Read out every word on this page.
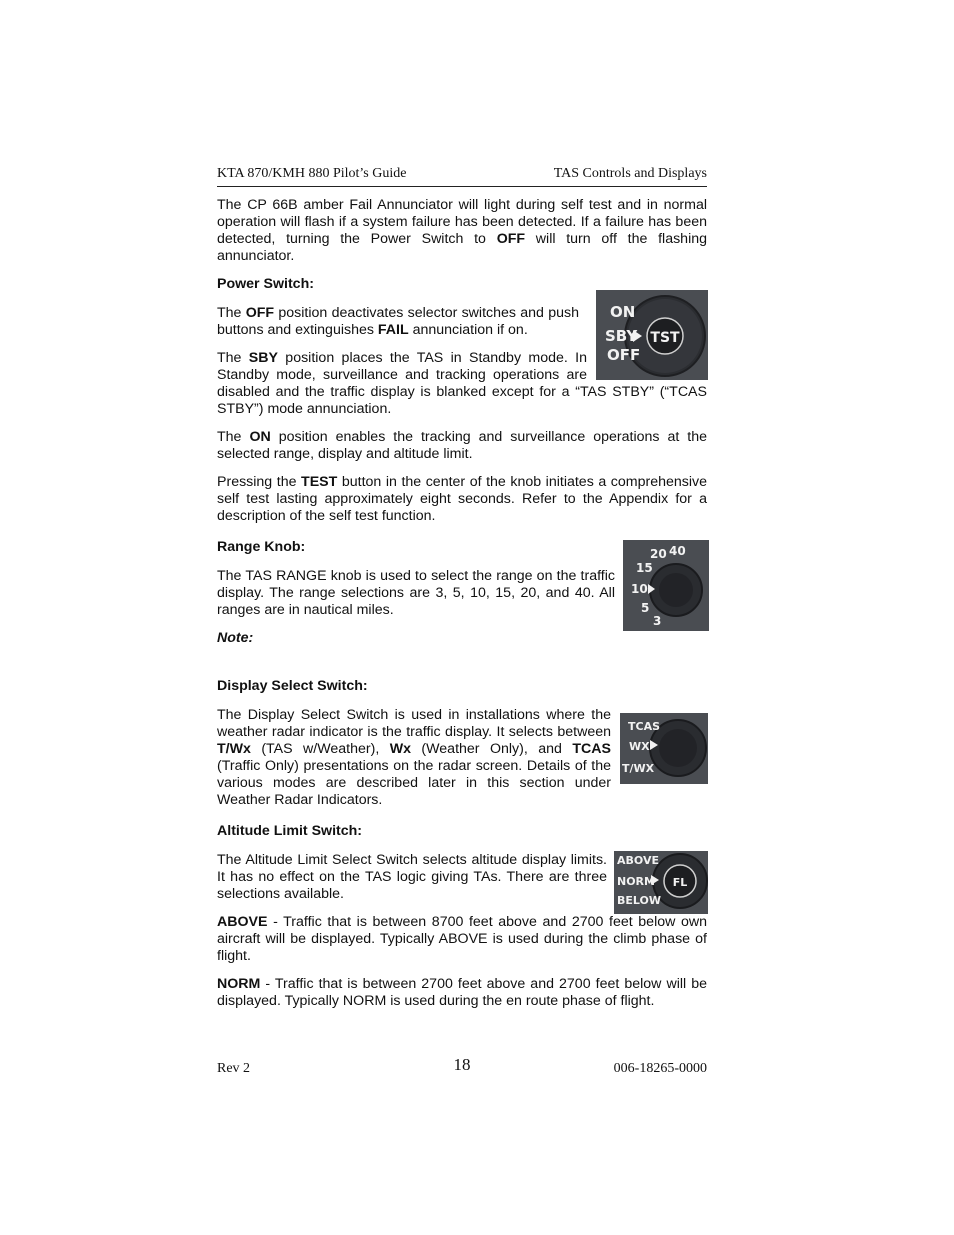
KTA 870/KMH 880 Pilot’s Guide	TAS Controls and Displays
TST
ON
SBY
OFF
40
20
15
10
5
3
TCAS
WX
T/WX
FL
ABOVE
NORM
BELOW

The CP 66B amber Fail Annunciator will light during self test and in normal operation will flash if a system failure has been detected. If a failure has been detected, turning the Power Switch to OFF will turn off the flashing annunciator.

Power Switch:

The OFF position deactivates selector switches and push buttons and extinguishes FAIL annunciation if on.

The SBY position places the TAS in Standby mode. In Standby mode, surveillance and tracking operations are disabled and the traffic display is blanked except for a “TAS STBY” (“TCAS STBY”) mode annunciation.

The ON position enables the tracking and surveillance operations at the selected range, display and altitude limit.

Pressing the TEST button in the center of the knob initiates a comprehensive self test lasting approximately eight seconds. Refer to the Appendix for a description of the self test function.

Range Knob:

The TAS RANGE knob is used to select the range on the traffic display. The range selections are 3, 5, 10, 15, 20, and 40. All ranges are in nautical miles.

Note:

Display Select Switch:

The Display Select Switch is used in installations where the weather radar indicator is the traffic display. It selects between T/Wx (TAS w/Weather), Wx (Weather Only), and TCAS (Traffic Only) presentations on the radar screen. Details of the various modes are described later in this section under Weather Radar Indicators.

Altitude Limit Switch:

The Altitude Limit Select Switch selects altitude display limits. It has no effect on the TAS logic giving TAs. There are three selections available.

ABOVE - Traffic that is between 8700 feet above and 2700 feet below own aircraft will be displayed. Typically ABOVE is used during the climb phase of flight.

NORM - Traffic that is between 2700 feet above and 2700 feet below will be displayed. Typically NORM is used during the en route phase of flight.

Rev 2	18	006-18265-0000
